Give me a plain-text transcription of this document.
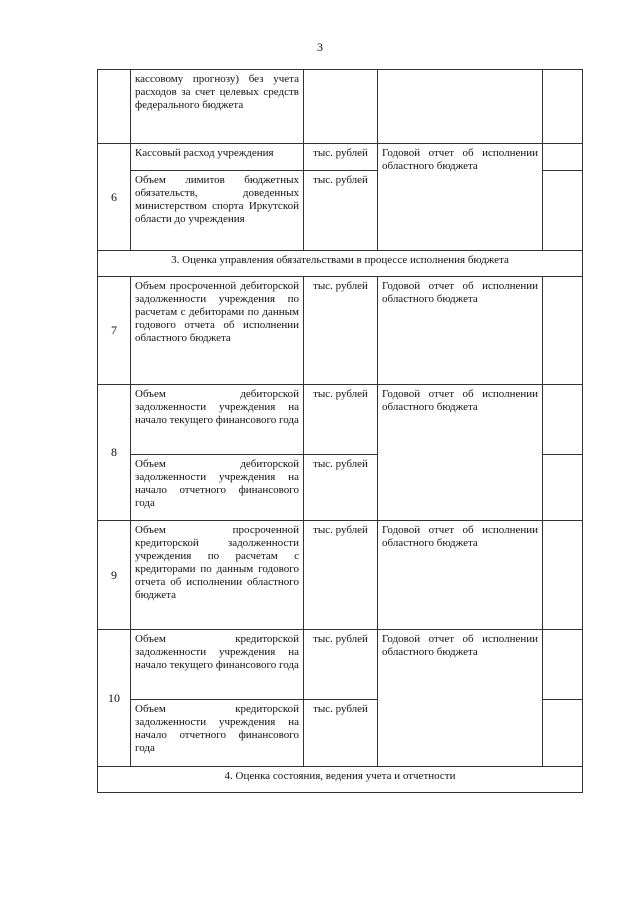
3
	кассовому прогнозу) без учета расходов за счет целевых средств федерального бюджета			
6	Кассовый расход учреждения	тыс. рублей	Годовой отчет об исполнении областного бюджета	
	Объем лимитов бюджетных обязательств, доведенных министерством спорта Иркутской области до учреждения	тыс. рублей		
3. Оценка управления обязательствами в процессе исполнения бюджета				
7	Объем просроченной дебиторской задолженности учреждения по расчетам с дебиторами по данным годового отчета об исполнении областного бюджета	тыс. рублей	Годовой отчет об исполнении областного бюджета	
8	Объем дебиторской задолженности учреждения на начало текущего финансового года	тыс. рублей	Годовой отчет об исполнении областного бюджета	
	Объем дебиторской задолженности учреждения на начало отчетного финансового года	тыс. рублей		
9	Объем просроченной кредиторской задолженности учреждения по расчетам с кредиторами по данным годового отчета об исполнении областного бюджета	тыс. рублей	Годовой отчет об исполнении областного бюджета	
10	Объем кредиторской задолженности учреждения на начало текущего финансового года	тыс. рублей	Годовой отчет об исполнении областного бюджета	
	Объем кредиторской задолженности учреждения на начало отчетного финансового года	тыс. рублей		
4. Оценка состояния, ведения учета и отчетности				
